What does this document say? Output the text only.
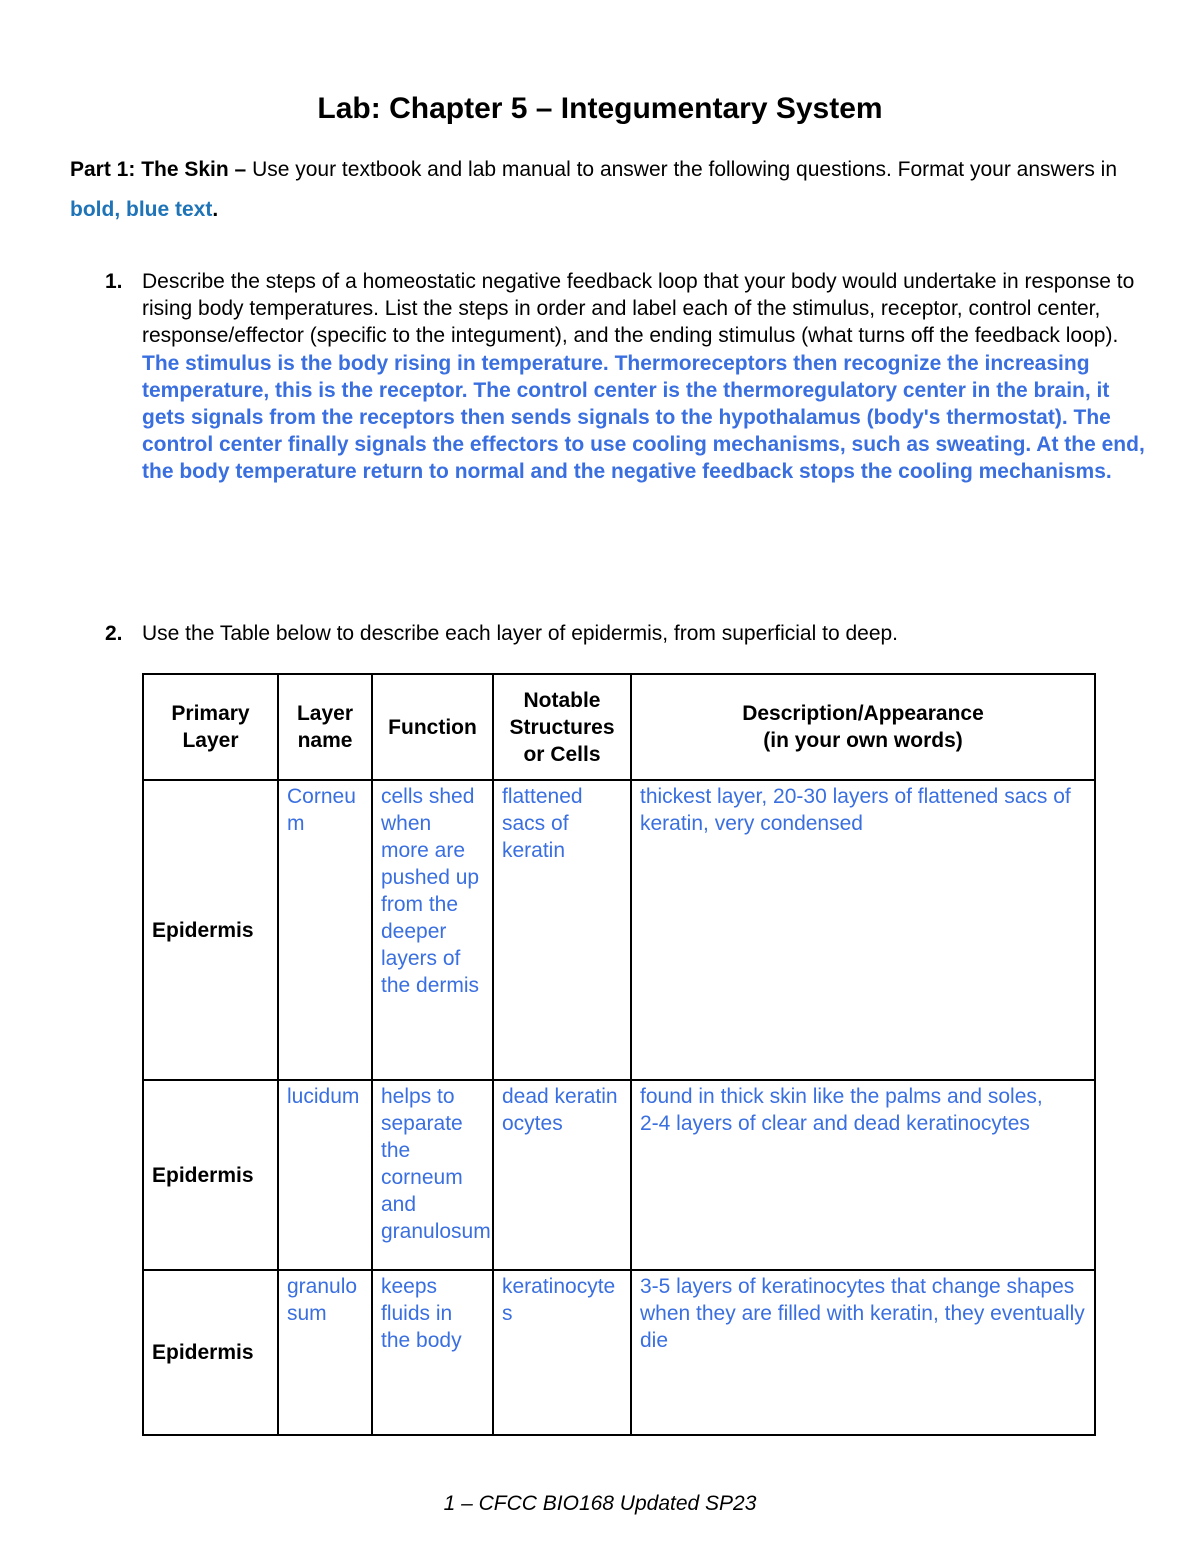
Lab: Chapter 5 – Integumentary System

Part 1: The Skin – Use your textbook and lab manual to answer the following questions. Format your answers in bold, blue text.

1. Describe the steps of a homeostatic negative feedback loop that your body would undertake in response to rising body temperatures. List the steps in order and label each of the stimulus, receptor, control center, response/effector (specific to the integument), and the ending stimulus (what turns off the feedback loop). The stimulus is the body rising in temperature. Thermoreceptors then recognize the increasing temperature, this is the receptor. The control center is the thermoregulatory center in the brain, it gets signals from the receptors then sends signals to the hypothalamus (body's thermostat). The control center finally signals the effectors to use cooling mechanisms, such as sweating. At the end, the body temperature return to normal and the negative feedback stops the cooling mechanisms.
2. Use the Table below to describe each layer of epidermis, from superficial to deep.
Primary Layer	Layer name	Function	Notable Structures or Cells	Description/Appearance
(in your own words)
Epidermis	Corneum	cells shed when more are pushed up from the deeper layers of the dermis	flattened sacs of keratin	thickest layer, 20-30 layers of flattened sacs of keratin, very condensed
Epidermis	lucidum	helps to separate the corneum and granulosum	dead keratinocytes	found in thick skin like the palms and soles,
2-4 layers of clear and dead keratinocytes
Epidermis	granulosum	keeps fluids in the body	keratinocytes	3-5 layers of keratinocytes that change shapes when they are filled with keratin, they eventually die
1 – CFCC BIO168 Updated SP23
